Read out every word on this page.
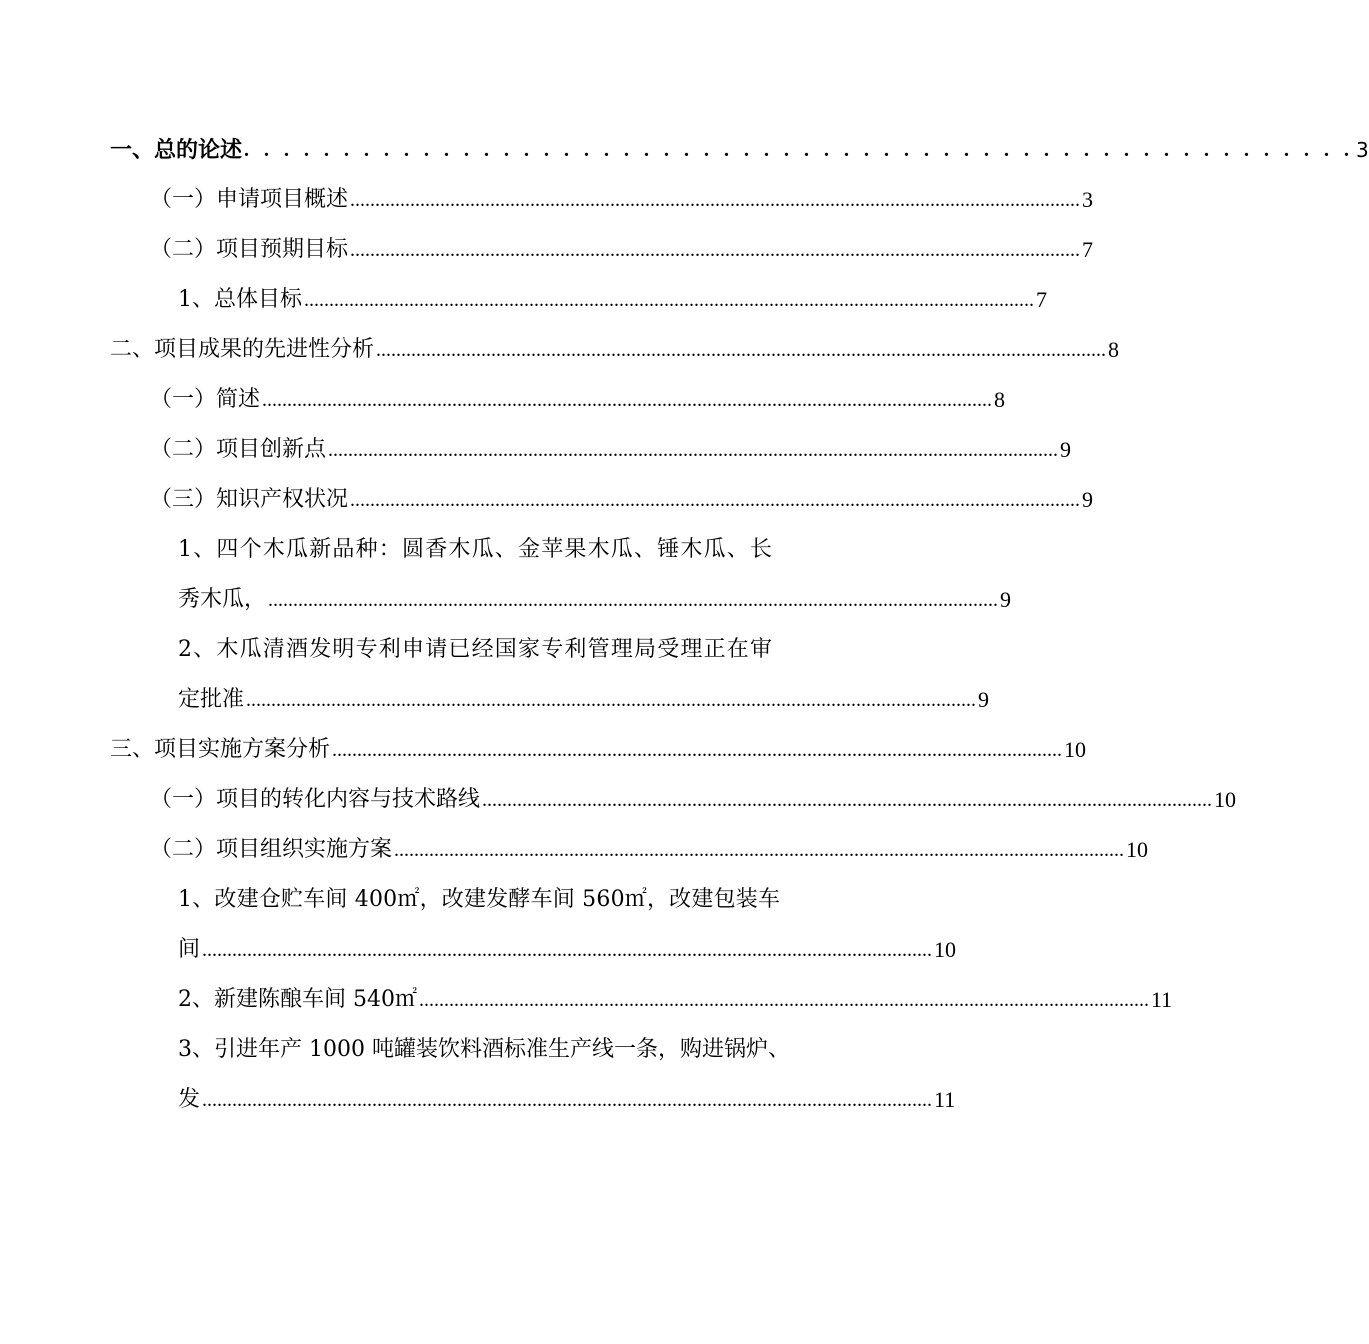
一、总的论述 . . . . . . . . . . . . . . . . . . . . . . . . . . . . . . . . . . . . . . . . . . . . . . . . . . . . . . . . 3
（一）申请项目概述 .................................................................................................................................................. 3
（二）项目预期目标 .................................................................................................................................................. 7
1、总体目标 .................................................................................................................................................. 7
二、项目成果的先进性分析 .................................................................................................................................................. 8
（一）简述 .................................................................................................................................................. 8
（二）项目创新点 .................................................................................................................................................. 9
（三）知识产权状况 .................................................................................................................................................. 9
1、四个木瓜新品种：圆香木瓜、金苹果木瓜、锤木瓜、长
秀木瓜， .................................................................................................................................................. 9
2、木瓜清酒发明专利申请已经国家专利管理局受理正在审
定批准 .................................................................................................................................................. 9
三、项目实施方案分析 .................................................................................................................................................. 10
（一）项目的转化内容与技术路线 .................................................................................................................................................. 10
（二）项目组织实施方案 .................................................................................................................................................. 10
1、改建仓贮车间 400㎡，改建发酵车间 560㎡，改建包装车
间 .................................................................................................................................................. 10
2、新建陈酿车间 540㎡ .................................................................................................................................................. 11
3、引进年产 1000 吨罐装饮料酒标准生产线一条，购进锅炉、
发 .................................................................................................................................................. 11
